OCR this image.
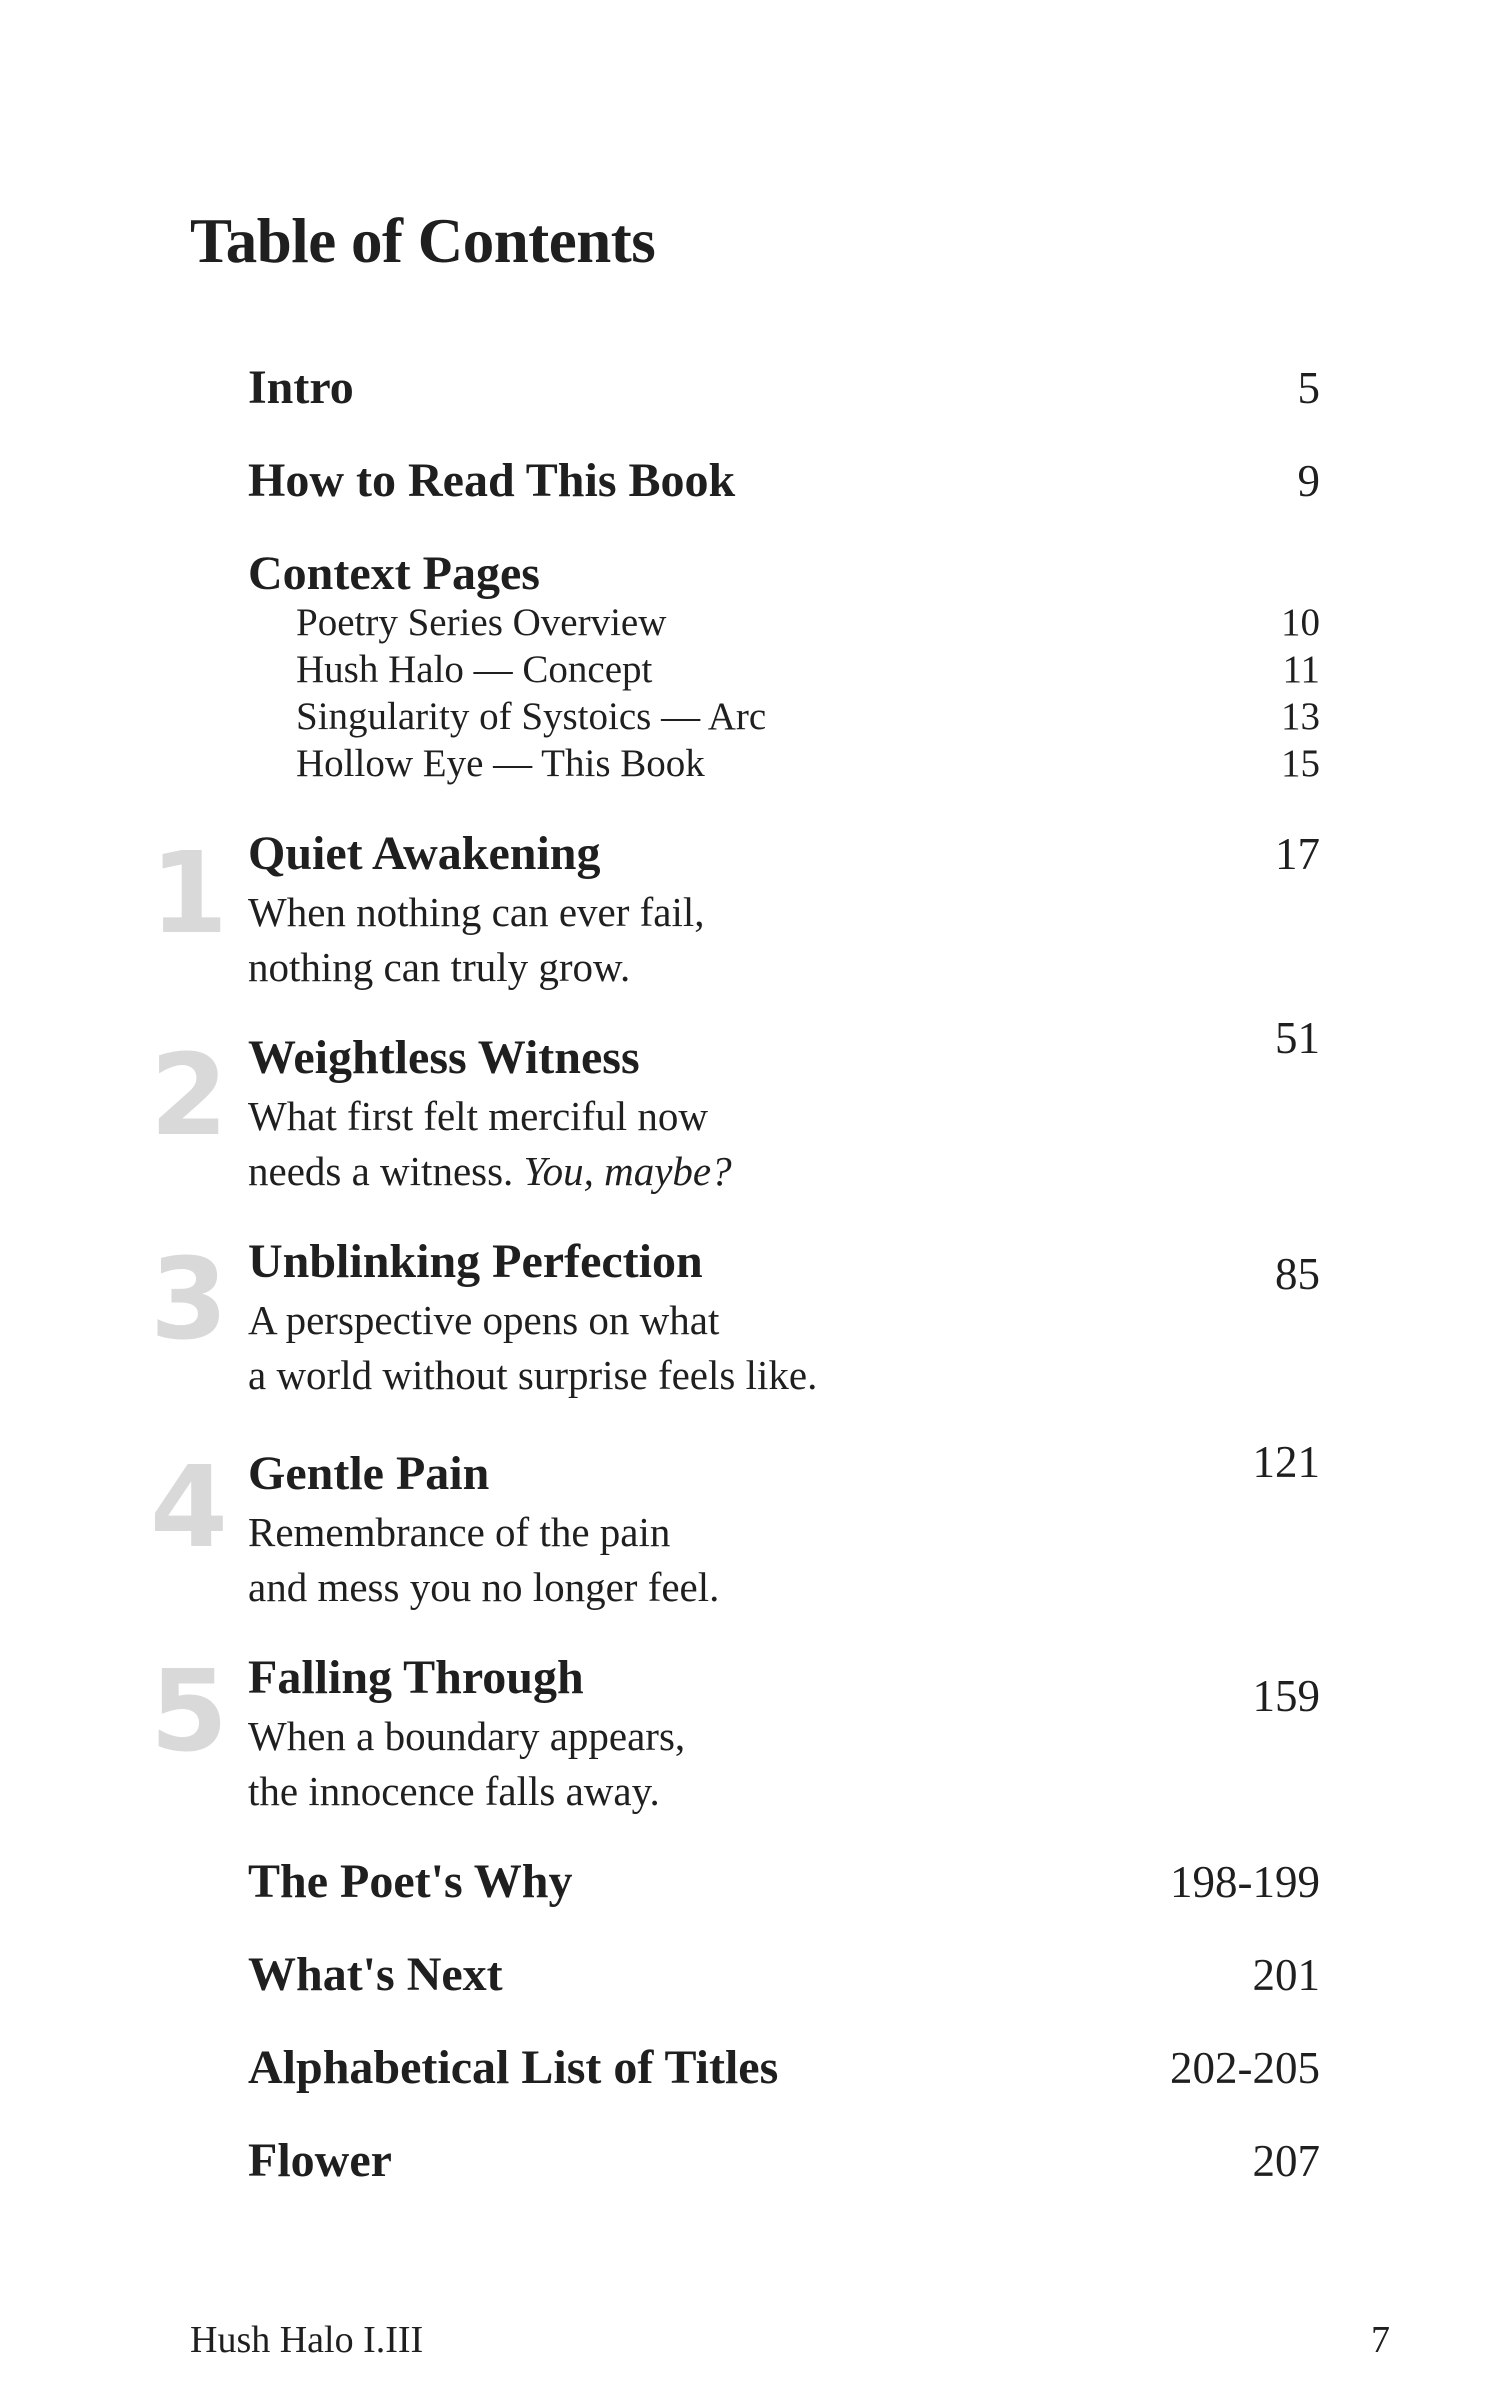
Table of Contents
Intro	5
How to Read This Book	9
Context Pages
Poetry Series Overview	10
Hush Halo — Concept	11
Singularity of Systoics — Arc	13
Hollow Eye — This Book	15
1 Quiet Awakening	17
When nothing can ever fail,
nothing can truly grow.
2 Weightless Witness	51
What first felt merciful now
needs a witness. You, maybe?
3 Unblinking Perfection	85
A perspective opens on what
a world without surprise feels like.
4 Gentle Pain	121
Remembrance of the pain
and mess you no longer feel.
5 Falling Through	159
When a boundary appears,
the innocence falls away.
The Poet's Why	198-199
What's Next	201
Alphabetical List of Titles	202-205
Flower	207
Hush Halo I.III	7
